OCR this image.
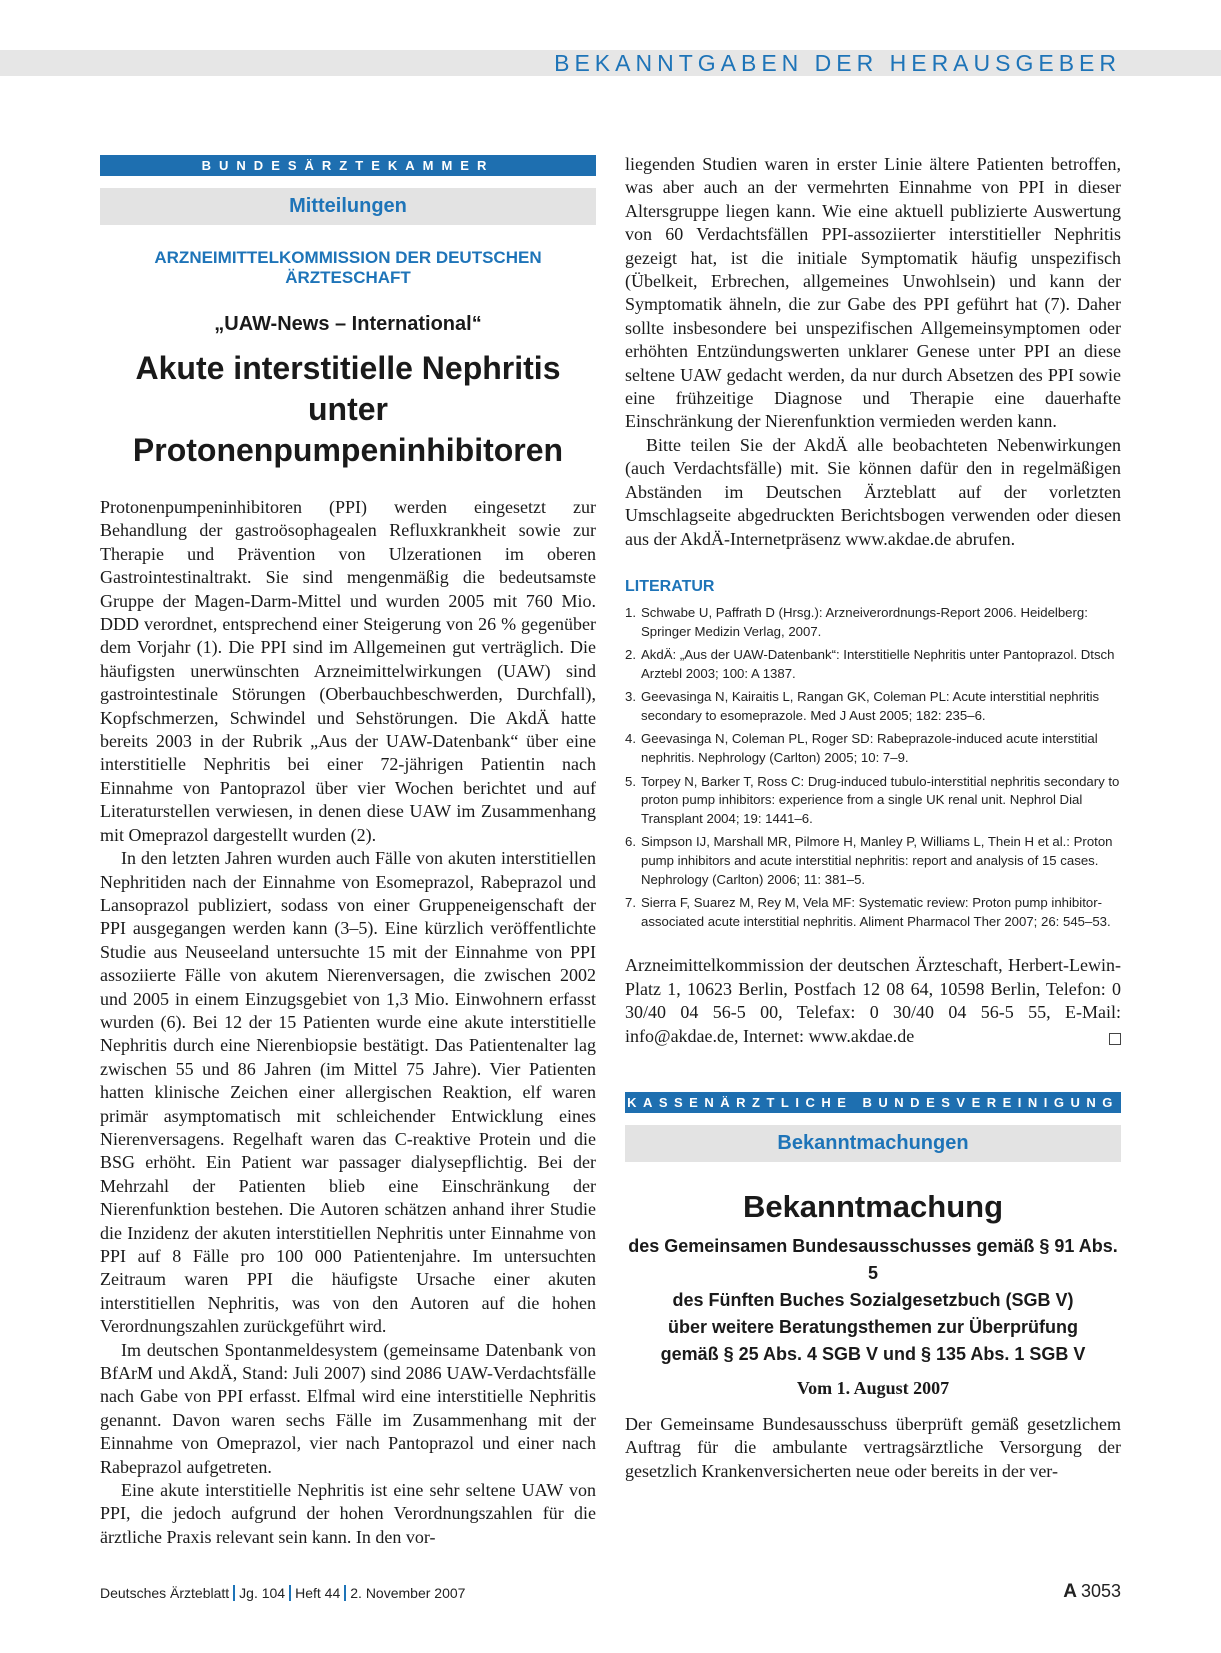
BEKANNTGABEN DER HERAUSGEBER
BUNDESÄRZTEKAMMER
Mitteilungen
ARZNEIMITTELKOMMISSION DER DEUTSCHEN ÄRZTESCHAFT
„UAW-News – International“
Akute interstitielle Nephritis unter
Protonenpumpeninhibitoren

Protonenpumpeninhibitoren (PPI) werden eingesetzt zur Behandlung der gastroösophagealen Refluxkrankheit sowie zur Therapie und Prävention von Ulzerationen im oberen Gastrointestinaltrakt. Sie sind mengenmäßig die bedeutsamste Gruppe der Magen-Darm-Mittel und wurden 2005 mit 760 Mio. DDD verordnet, entsprechend einer Steigerung von 26 % gegenüber dem Vorjahr (1). Die PPI sind im Allgemeinen gut verträglich. Die häufigsten unerwünschten Arzneimittelwirkungen (UAW) sind gastrointestinale Störungen (Oberbauchbeschwerden, Durchfall), Kopfschmerzen, Schwindel und Sehstörungen. Die AkdÄ hatte bereits 2003 in der Rubrik „Aus der UAW-Datenbank“ über eine interstitielle Nephritis bei einer 72-jährigen Patientin nach Einnahme von Pantoprazol über vier Wochen berichtet und auf Literaturstellen verwiesen, in denen diese UAW im Zusammenhang mit Omeprazol dargestellt wurden (2).

In den letzten Jahren wurden auch Fälle von akuten interstitiellen Nephritiden nach der Einnahme von Esomeprazol, Rabeprazol und Lansoprazol publiziert, sodass von einer Gruppeneigenschaft der PPI ausgegangen werden kann (3–5). Eine kürzlich veröffentlichte Studie aus Neuseeland untersuchte 15 mit der Einnahme von PPI assoziierte Fälle von akutem Nierenversagen, die zwischen 2002 und 2005 in einem Einzugsgebiet von 1,3 Mio. Einwohnern erfasst wurden (6). Bei 12 der 15 Patienten wurde eine akute interstitielle Nephritis durch eine Nierenbiopsie bestätigt. Das Patientenalter lag zwischen 55 und 86 Jahren (im Mittel 75 Jahre). Vier Patienten hatten klinische Zeichen einer allergischen Reaktion, elf waren primär asymptomatisch mit schleichender Entwicklung eines Nierenversagens. Regelhaft waren das C-reaktive Protein und die BSG erhöht. Ein Patient war passager dialysepflichtig. Bei der Mehrzahl der Patienten blieb eine Einschränkung der Nierenfunktion bestehen. Die Autoren schätzen anhand ihrer Studie die Inzidenz der akuten interstitiellen Nephritis unter Einnahme von PPI auf 8 Fälle pro 100 000 Patientenjahre. Im untersuchten Zeitraum waren PPI die häufigste Ursache einer akuten interstitiellen Nephritis, was von den Autoren auf die hohen Verordnungszahlen zurückgeführt wird.

Im deutschen Spontanmeldesystem (gemeinsame Datenbank von BfArM und AkdÄ, Stand: Juli 2007) sind 2086 UAW-Verdachtsfälle nach Gabe von PPI erfasst. Elfmal wird eine interstitielle Nephritis genannt. Davon waren sechs Fälle im Zusammenhang mit der Einnahme von Omeprazol, vier nach Pantoprazol und einer nach Rabeprazol aufgetreten.

Eine akute interstitielle Nephritis ist eine sehr seltene UAW von PPI, die jedoch aufgrund der hohen Verordnungszahlen für die ärztliche Praxis relevant sein kann. In den vor-

liegenden Studien waren in erster Linie ältere Patienten betroffen, was aber auch an der vermehrten Einnahme von PPI in dieser Altersgruppe liegen kann. Wie eine aktuell publizierte Auswertung von 60 Verdachtsfällen PPI-assoziierter interstitieller Nephritis gezeigt hat, ist die initiale Symptomatik häufig unspezifisch (Übelkeit, Erbrechen, allgemeines Unwohlsein) und kann der Symptomatik ähneln, die zur Gabe des PPI geführt hat (7). Daher sollte insbesondere bei unspezifischen Allgemeinsymptomen oder erhöhten Entzündungswerten unklarer Genese unter PPI an diese seltene UAW gedacht werden, da nur durch Absetzen des PPI sowie eine frühzeitige Diagnose und Therapie eine dauerhafte Einschränkung der Nierenfunktion vermieden werden kann.

Bitte teilen Sie der AkdÄ alle beobachteten Nebenwirkungen (auch Verdachtsfälle) mit. Sie können dafür den in regelmäßigen Abständen im Deutschen Ärzteblatt auf der vorletzten Umschlagseite abgedruckten Berichtsbogen verwenden oder diesen aus der AkdÄ-Internetpräsenz www.akdae.de abrufen.

LITERATUR
1. Schwabe U, Paffrath D (Hrsg.): Arzneiverordnungs-Report 2006. Heidelberg: Springer Medizin Verlag, 2007.
2. AkdÄ: „Aus der UAW-Datenbank“: Interstitielle Nephritis unter Pantoprazol. Dtsch Arztebl 2003; 100: A 1387.
3. Geevasinga N, Kairaitis L, Rangan GK, Coleman PL: Acute interstitial nephritis secondary to esomeprazole. Med J Aust 2005; 182: 235–6.
4. Geevasinga N, Coleman PL, Roger SD: Rabeprazole-induced acute interstitial nephritis. Nephrology (Carlton) 2005; 10: 7–9.
5. Torpey N, Barker T, Ross C: Drug-induced tubulo-interstitial nephritis secondary to proton pump inhibitors: experience from a single UK renal unit. Nephrol Dial Transplant 2004; 19: 1441–6.
6. Simpson IJ, Marshall MR, Pilmore H, Manley P, Williams L, Thein H et al.: Proton pump inhibitors and acute interstitial nephritis: report and analysis of 15 cases. Nephrology (Carlton) 2006; 11: 381–5.
7. Sierra F, Suarez M, Rey M, Vela MF: Systematic review: Proton pump inhibitor-associated acute interstitial nephritis. Aliment Pharmacol Ther 2007; 26: 545–53.
Arzneimittelkommission der deutschen Ärzteschaft, Herbert-Lewin-Platz 1, 10623 Berlin, Postfach 12 08 64, 10598 Berlin, Telefon: 0 30/40 04 56-5 00, Telefax: 0 30/40 04 56-5 55, E-Mail: info@akdae.de, Internet: www.akdae.de
KASSENÄRZTLICHE BUNDESVEREINIGUNG
Bekanntmachungen
Bekanntmachung
des Gemeinsamen Bundesausschusses gemäß § 91 Abs. 5
des Fünften Buches Sozialgesetzbuch (SGB V)
über weitere Beratungsthemen zur Überprüfung
gemäß § 25 Abs. 4 SGB V und § 135 Abs. 1 SGB V
Vom 1. August 2007

Der Gemeinsame Bundesausschuss überprüft gemäß gesetzlichem Auftrag für die ambulante vertragsärztliche Versorgung der gesetzlich Krankenversicherten neue oder bereits in der ver-

Deutsches Ärzteblatt Jg. 104 Heft 44 2. November 2007	A 3053
